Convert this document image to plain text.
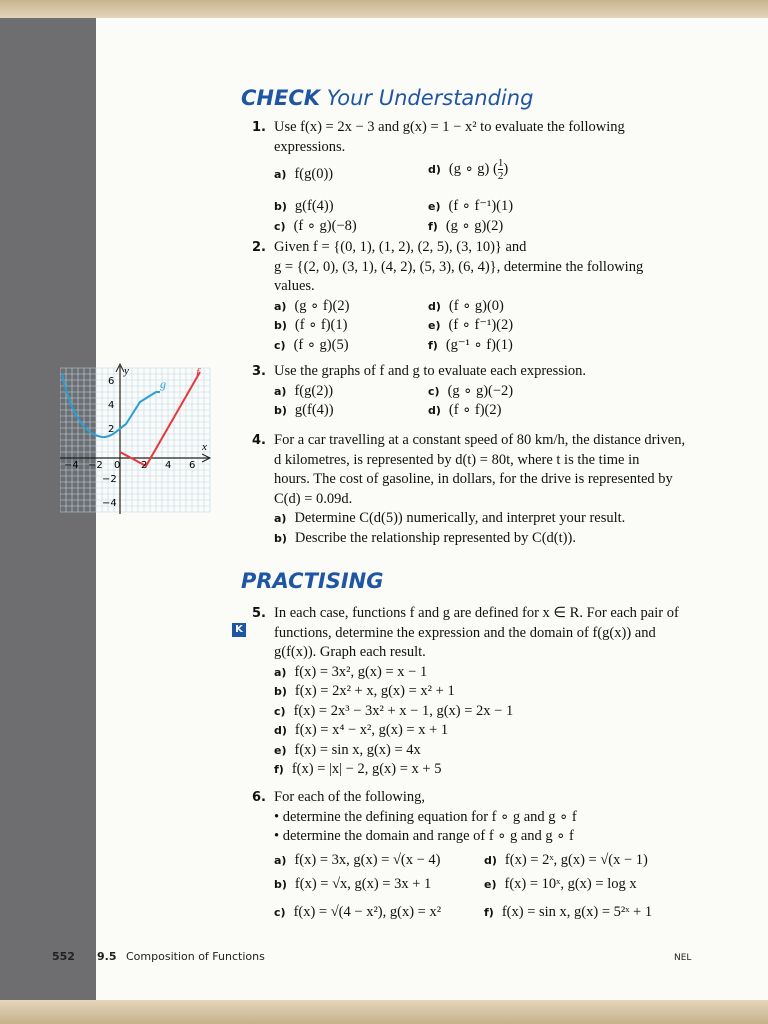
CHECK Your Understanding
1. Use f(x) = 2x − 3 and g(x) = 1 − x² to evaluate the following
expressions.
a) f(g(0))	d) (g ∘ g) ( $\frac{1}{2}$ )
b) g(f(4))	e) (f ∘ f⁻¹)(1)
c) (f ∘ g)(−8)	f) (g ∘ g)(2)
2. Given f = {(0, 1), (1, 2), (2, 5), (3, 10)} and
g = {(2, 0), (3, 1), (4, 2), (5, 3), (6, 4)}, determine the following
values.
a) (g ∘ f)(2)	d) (f ∘ g)(0)
b) (f ∘ f)(1)	e) (f ∘ f⁻¹)(2)
c) (f ∘ g)(5)	f) (g⁻¹ ∘ f)(1)
y
x
f
g
6
4
2
−2
−4
−4 −2 0 2 4 6
3. Use the graphs of f and g to evaluate each expression.
a) f(g(2))	c) (g ∘ g)(−2)
b) g(f(4))	d) (f ∘ f)(2)
4. For a car travelling at a constant speed of 80 km/h, the distance driven,
d kilometres, is represented by d(t) = 80t, where t is the time in
hours. The cost of gasoline, in dollars, for the drive is represented by
C(d) = 0.09d.
a) Determine C(d(5)) numerically, and interpret your result.
b) Describe the relationship represented by C(d(t)).
PRACTISING
K
5. In each case, functions f and g are defined for x ∈ R. For each pair of
functions, determine the expression and the domain of f(g(x)) and
g(f(x)). Graph each result.
a) f(x) = 3x², g(x) = x − 1
b) f(x) = 2x² + x, g(x) = x² + 1
c) f(x) = 2x³ − 3x² + x − 1, g(x) = 2x − 1
d) f(x) = x⁴ − x², g(x) = x + 1
e) f(x) = sin x, g(x) = 4x
f) f(x) = |x| − 2, g(x) = x + 5
6. For each of the following,
• determine the defining equation for f ∘ g and g ∘ f
• determine the domain and range of f ∘ g and g ∘ f
a) f(x) = 3x, g(x) = √(x − 4)	d) f(x) = 2ˣ, g(x) = √(x − 1)
b) f(x) = √x, g(x) = 3x + 1	e) f(x) = 10ˣ, g(x) = log x
c) f(x) = √(4 − x²), g(x) = x²	f) f(x) = sin x, g(x) = 5²ˣ + 1
552 9.5 Composition of Functions	NEL
